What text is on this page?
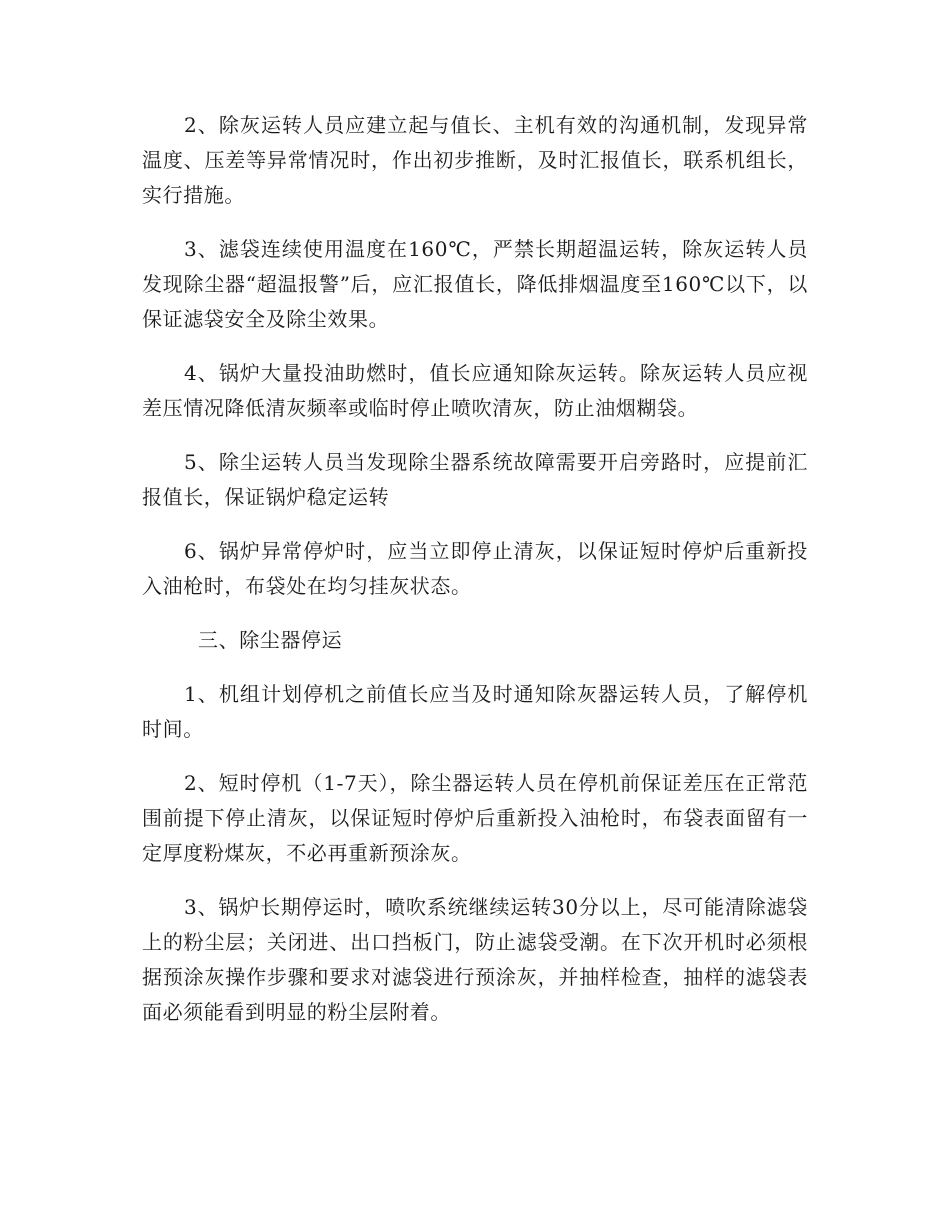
2、除灰运转人员应建立起与值长、主机有效的沟通机制，发现异常温度、压差等异常情况时，作出初步推断，及时汇报值长，联系机组长，实行措施。

3、滤袋连续使用温度在160℃，严禁长期超温运转，除灰运转人员发现除尘器“超温报警”后，应汇报值长，降低排烟温度至160℃以下，以保证滤袋安全及除尘效果。

4、锅炉大量投油助燃时，值长应通知除灰运转。除灰运转人员应视差压情况降低清灰频率或临时停止喷吹清灰，防止油烟糊袋。

5、除尘运转人员当发现除尘器系统故障需要开启旁路时，应提前汇报值长，保证锅炉稳定运转

6、锅炉异常停炉时，应当立即停止清灰，以保证短时停炉后重新投入油枪时，布袋处在均匀挂灰状态。

三、除尘器停运

1、机组计划停机之前值长应当及时通知除灰器运转人员，了解停机时间。

2、短时停机（1-7天），除尘器运转人员在停机前保证差压在正常范围前提下停止清灰，以保证短时停炉后重新投入油枪时，布袋表面留有一定厚度粉煤灰，不必再重新预涂灰。

3、锅炉长期停运时，喷吹系统继续运转30分以上，尽可能清除滤袋上的粉尘层；关闭进、出口挡板门，防止滤袋受潮。在下次开机时必须根据预涂灰操作步骤和要求对滤袋进行预涂灰，并抽样检查，抽样的滤袋表面必须能看到明显的粉尘层附着。
